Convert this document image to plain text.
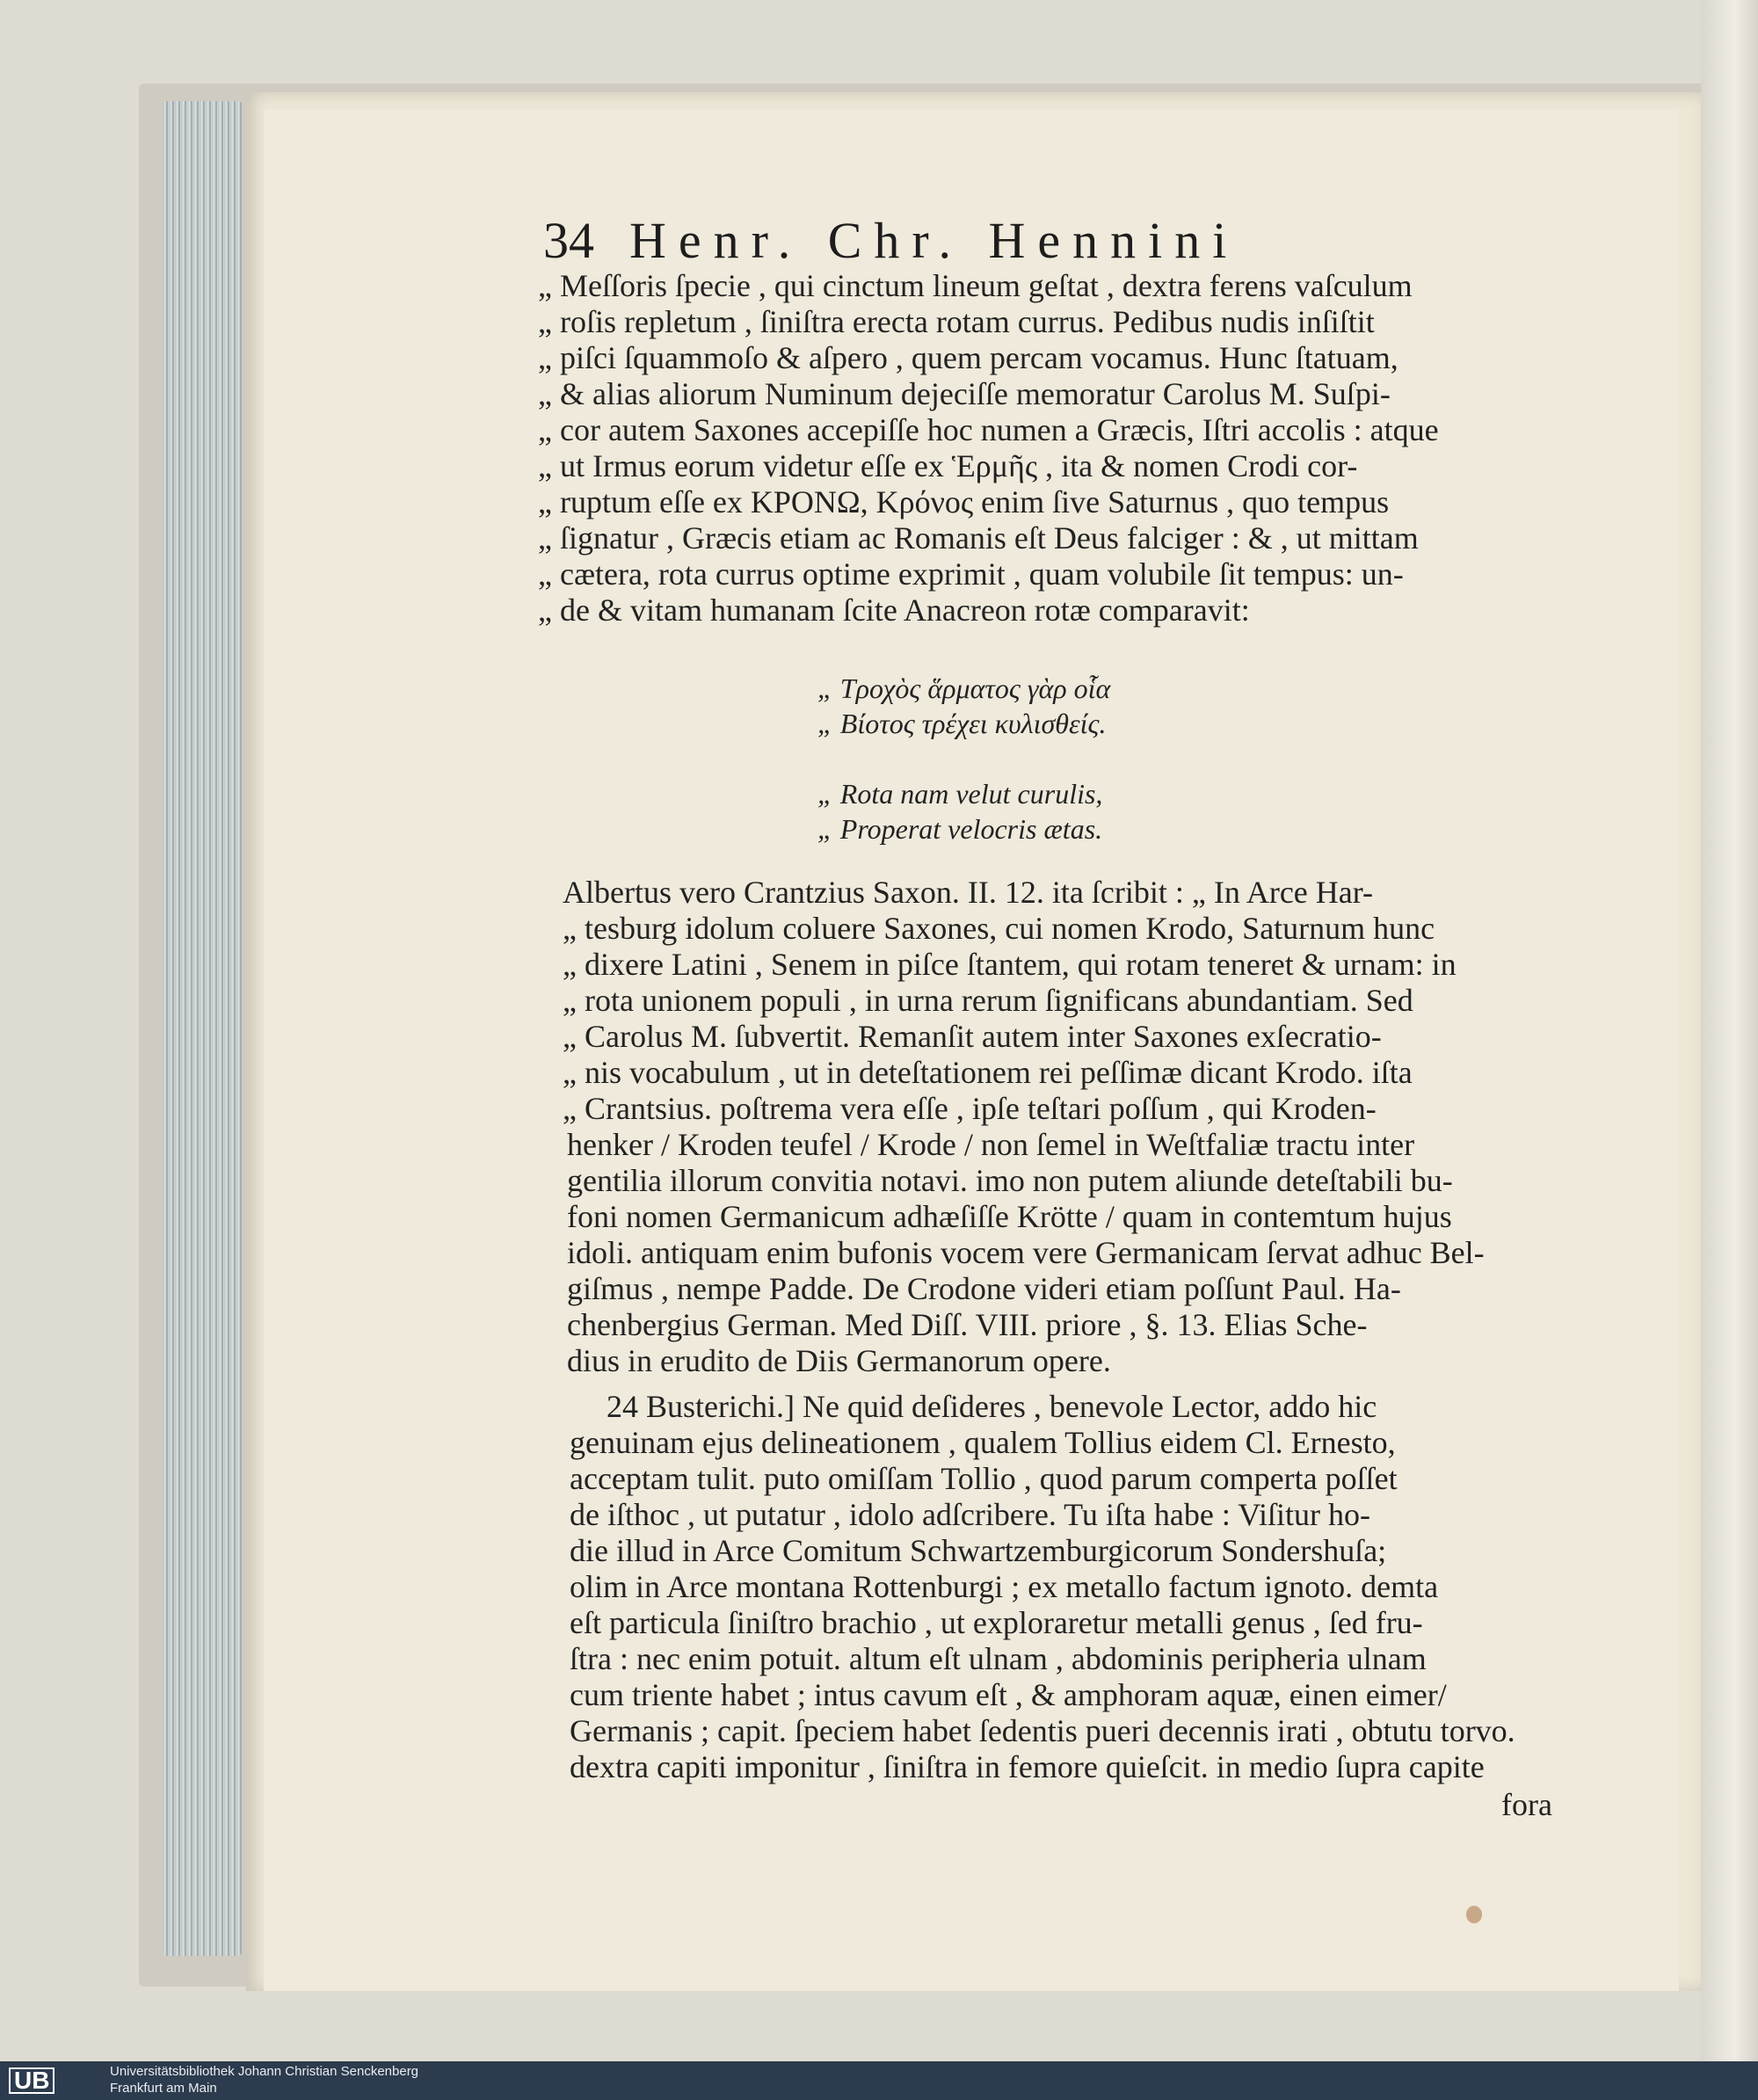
34 Henr. Chr. Hennini
„ Meſſoris ſpecie , qui cinctum lineum geſtat , dextra ferens vaſculum
„ roſis repletum , ſiniſtra erecta rotam currus. Pedibus nudis inſiſtit
„ piſci ſquammoſo & aſpero , quem percam vocamus. Hunc ſtatuam,
„ & alias aliorum Numinum dejeciſſe memoratur Carolus M. Suſpi-
„ cor autem Saxones accepiſſe hoc numen a Græcis, Iſtri accolis : atque
„ ut Irmus eorum videtur eſſe ex Ἑρμῆς , ita & nomen Crodi cor-
„ ruptum eſſe ex ΚΡΟΝΩ, Κρόνος enim ſive Saturnus , quo tempus
„ ſignatur , Græcis etiam ac Romanis eſt Deus falciger : & , ut mittam
„ cætera, rota currus optime exprimit , quam volubile ſit tempus: un-
„ de & vitam humanam ſcite Anacreon rotæ comparavit:
„ Τροχὸς ἅρματος γὰρ οἷα
„ Βίοτος τρέχει κυλισθείς.
„ Rota nam velut curulis,
„ Properat velocris ætas.
Albertus vero Crantzius Saxon. II. 12. ita ſcribit : „ In Arce Har-
„ tesburg idolum coluere Saxones, cui nomen Krodo, Saturnum hunc
„ dixere Latini , Senem in piſce ſtantem, qui rotam teneret & urnam: in
„ rota unionem populi , in urna rerum ſignificans abundantiam. Sed
„ Carolus M. ſubvertit. Remanſit autem inter Saxones exſecratio-
„ nis vocabulum , ut in deteſtationem rei peſſimæ dicant Krodo. iſta
„ Crantsius. poſtrema vera eſſe , ipſe teſtari poſſum , qui Kroden-
henker / Kroden teufel / Krode / non ſemel in Weſtfaliæ tractu inter
gentilia illorum convitia notavi. imo non putem aliunde deteſtabili bu-
foni nomen Germanicum adhæſiſſe Krötte / quam in contemtum hujus
idoli. antiquam enim bufonis vocem vere Germanicam ſervat adhuc Bel-
giſmus , nempe Padde. De Crodone videri etiam poſſunt Paul. Ha-
chenbergius German. Med Diſſ. VIII. priore , §. 13. Elias Sche-
dius in erudito de Diis Germanorum opere.
24 Busterichi.] Ne quid deſideres , benevole Lector, addo hic
genuinam ejus delineationem , qualem Tollius eidem Cl. Ernesto,
acceptam tulit. puto omiſſam Tollio , quod parum comperta poſſet
de iſthoc , ut putatur , idolo adſcribere. Tu iſta habe : Viſitur ho-
die illud in Arce Comitum Schwartzemburgicorum Sondershuſa;
olim in Arce montana Rottenburgi ; ex metallo factum ignoto. demta
eſt particula ſiniſtro brachio , ut exploraretur metalli genus , ſed fru-
ſtra : nec enim potuit. altum eſt ulnam , abdominis peripheria ulnam
cum triente habet ; intus cavum eſt , & amphoram aquæ, einen eimer/
Germanis ; capit. ſpeciem habet ſedentis pueri decennis irati , obtutu torvo.
dextra capiti imponitur , ſiniſtra in femore quieſcit. in medio ſupra capite
fora
UB	Universitätsbibliothek Johann Christian Senckenberg
Frankfurt am Main
